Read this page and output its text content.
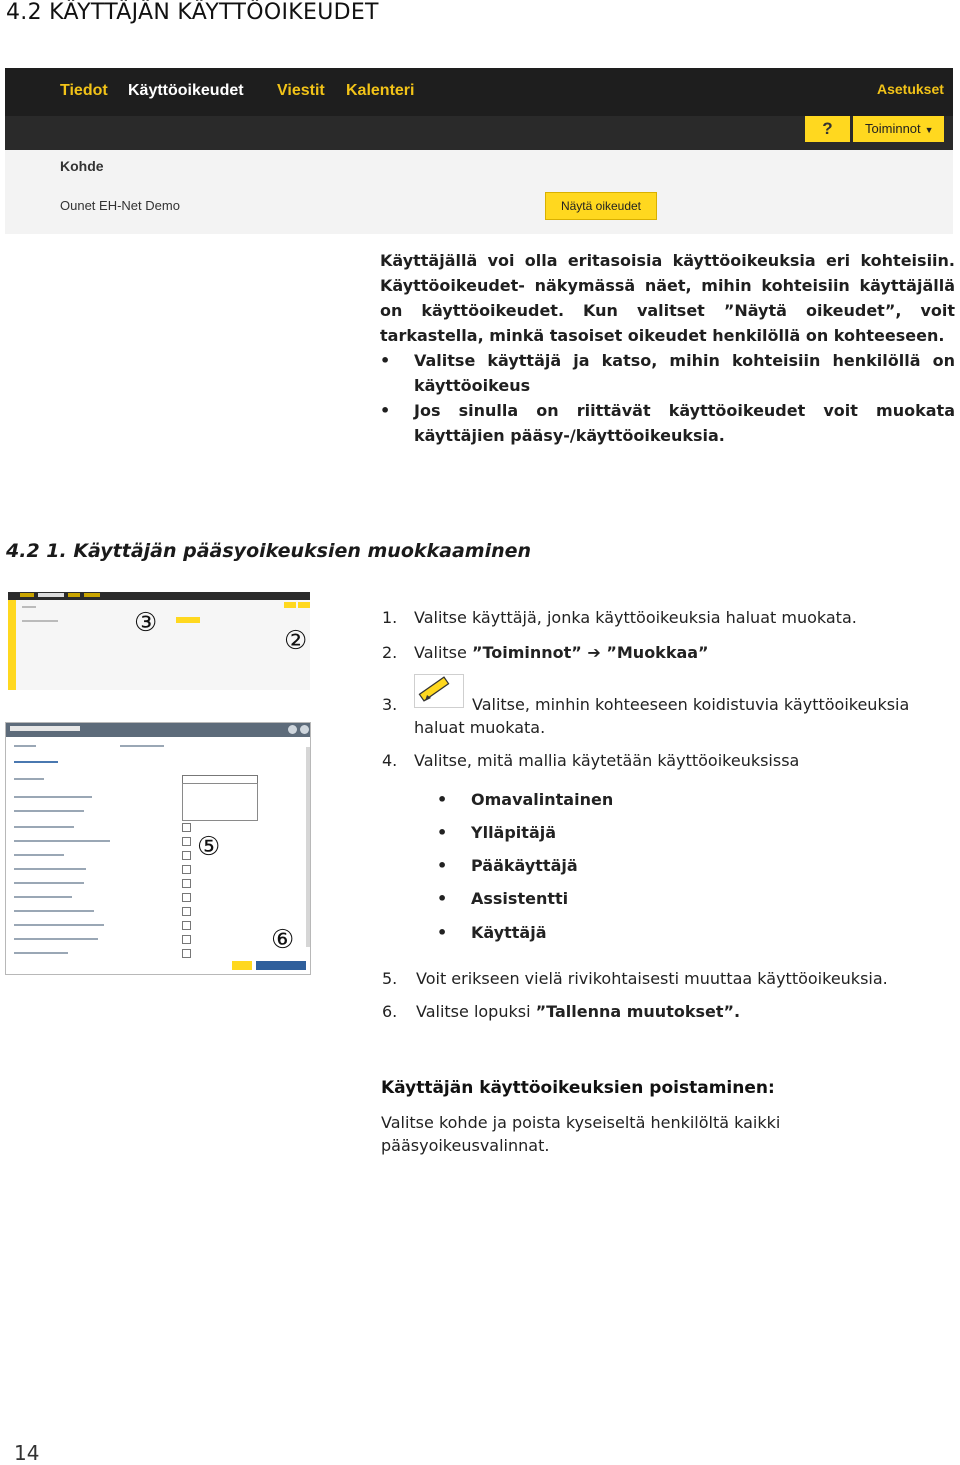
4.2 KÄYTTÄJÄN KÄYTTÖOIKEUDET
Tiedot Käyttöoikeudet Viestit Kalenteri	Asetukset
?	Toiminnot ▼
Kohde
Ounet EH-Net Demo	Näytä oikeudet
Käyttäjällä voi olla eritasoisia käyttöoikeuksia eri kohteisiin. Käyttöoikeudet- näkymässä näet, mihin kohteisiin käyttäjällä on käyttöoikeudet. Kun valitset ”Näytä oikeudet”, voit tarkastella, minkä tasoiset oikeudet henkilöllä on kohteeseen.
• Valitse käyttäjä ja katso, mihin kohteisiin henkilöllä on käyttöoikeus
• Jos sinulla on riittävät käyttöoikeudet voit muokata käyttäjien pääsy-/käyttöoikeuksia.
4.2 1. Käyttäjän pääsyoikeuksien muokkaaminen
③
②
⑤
⑥
1. Valitse käyttäjä, jonka käyttöoikeuksia haluat muokata.
2. Valitse ”Toiminnot” ➔ ”Muokkaa”
3.	Valitse, minhin kohteeseen koidistuvia käyttöoikeuksia
haluat muokata.
4. Valitse, mitä mallia käytetään käyttöoikeuksissa
• Omavalintainen
• Ylläpitäjä
• Pääkäyttäjä
• Assistentti
• Käyttäjä
5. Voit erikseen vielä rivikohtaisesti muuttaa käyttöoikeuksia.
6. Valitse lopuksi ”Tallenna muutokset”.
Käyttäjän käyttöoikeuksien poistaminen:
Valitse kohde ja poista kyseiseltä henkilöltä kaikki pääsyoikeusvalinnat.
14
